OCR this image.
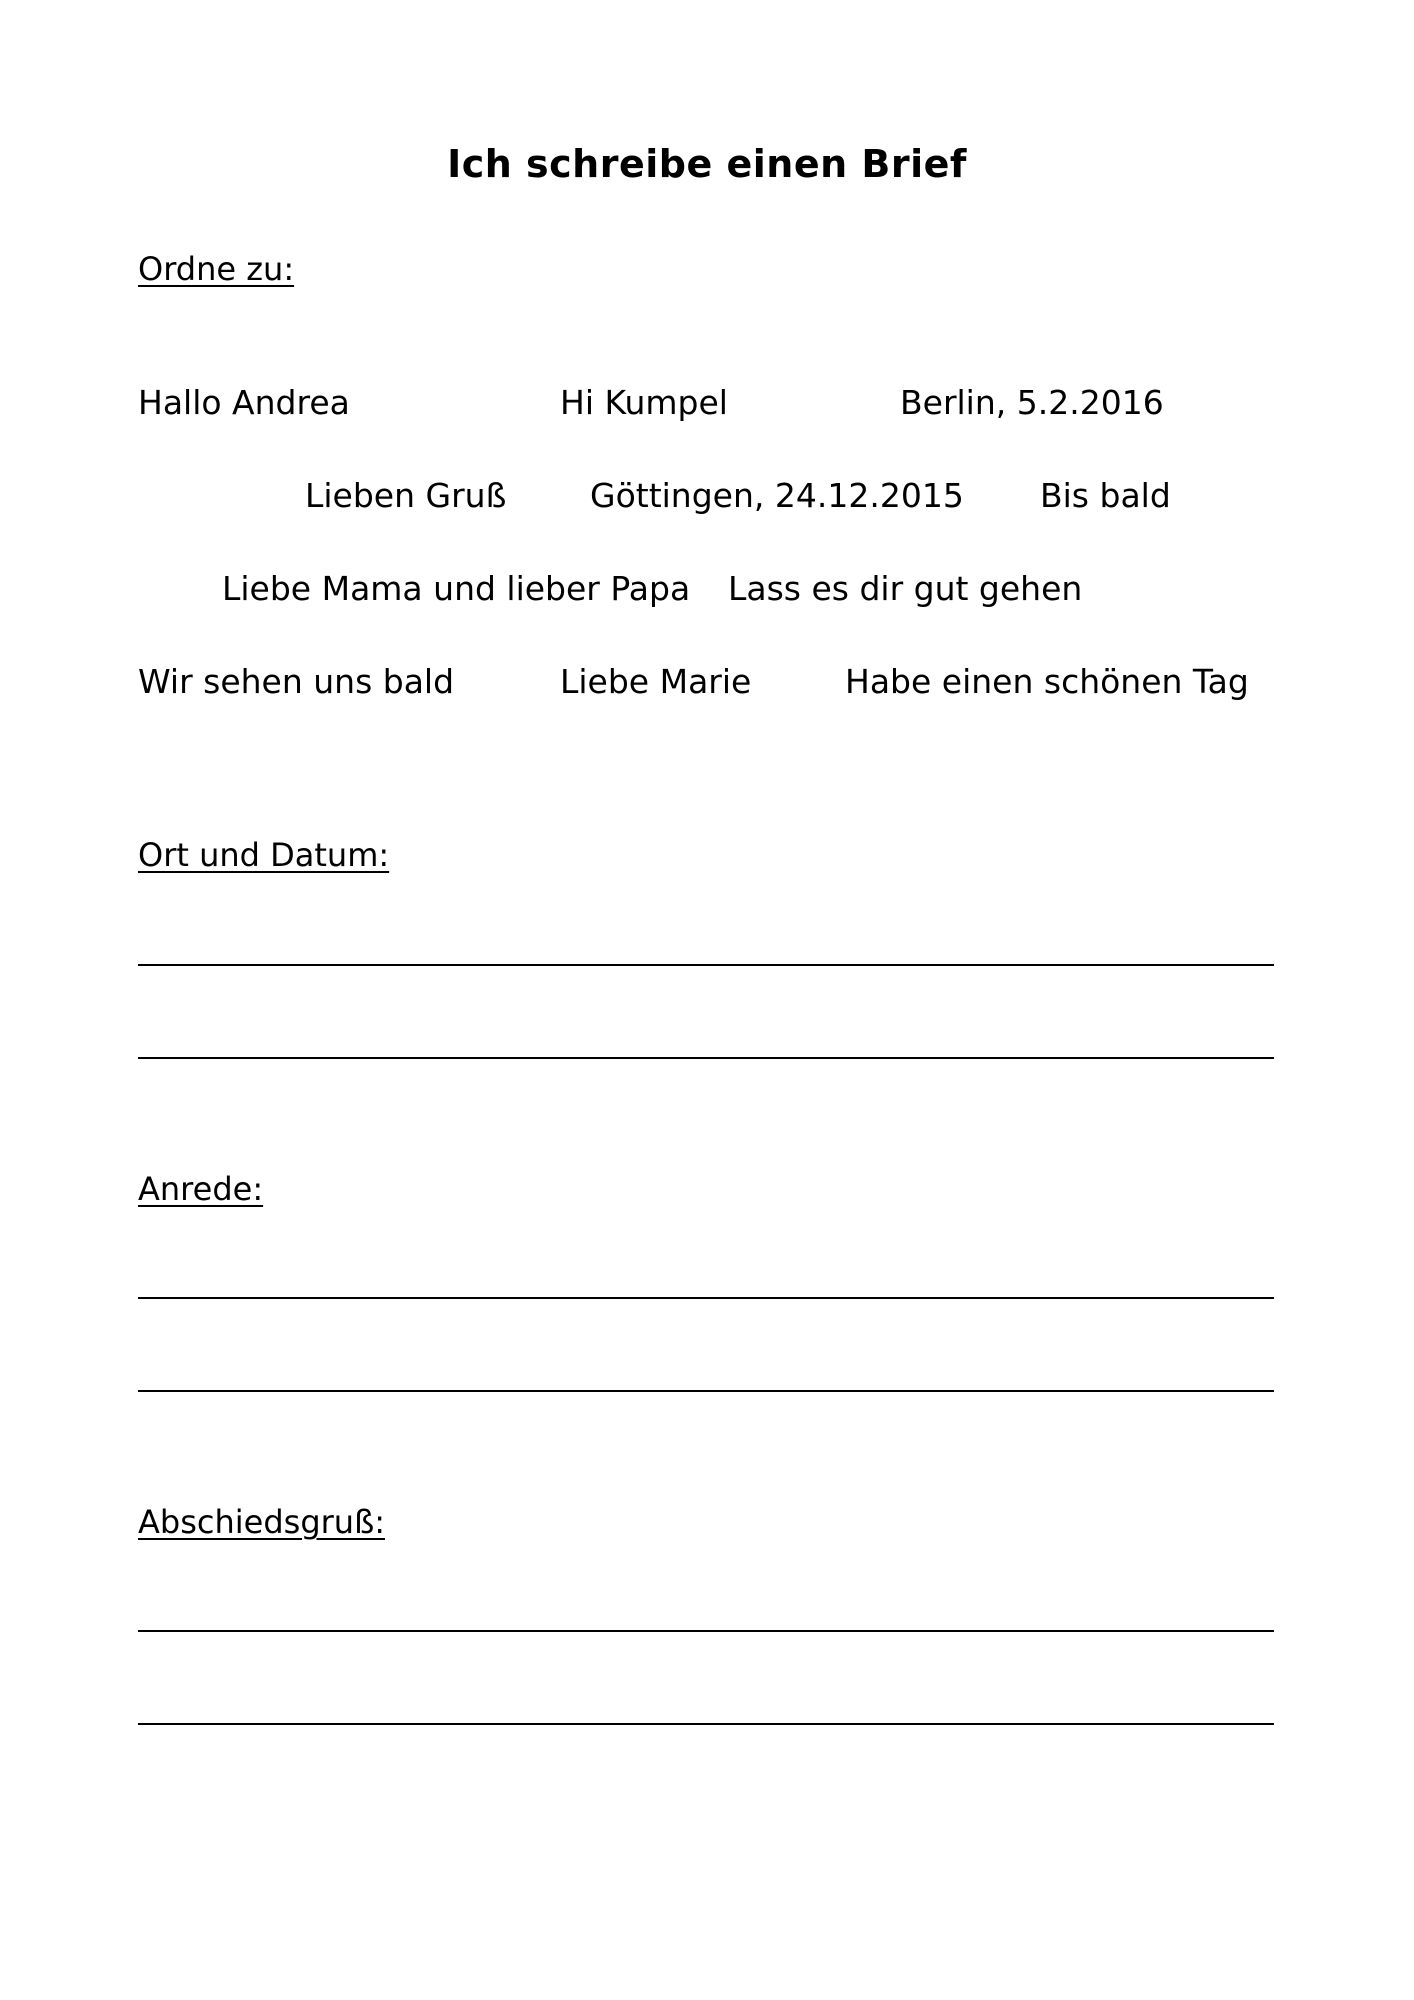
Ich schreibe einen Brief
Ordne zu:
Hallo Andrea	Hi Kumpel	Berlin, 5.2.2016
Lieben Gruß	Göttingen, 24.12.2015 Bis bald
Liebe Mama und lieber Papa Lass es dir gut gehen
Wir sehen uns bald	Liebe Marie	Habe einen schönen Tag
Ort und Datum:
Anrede:
Abschiedsgruß:
